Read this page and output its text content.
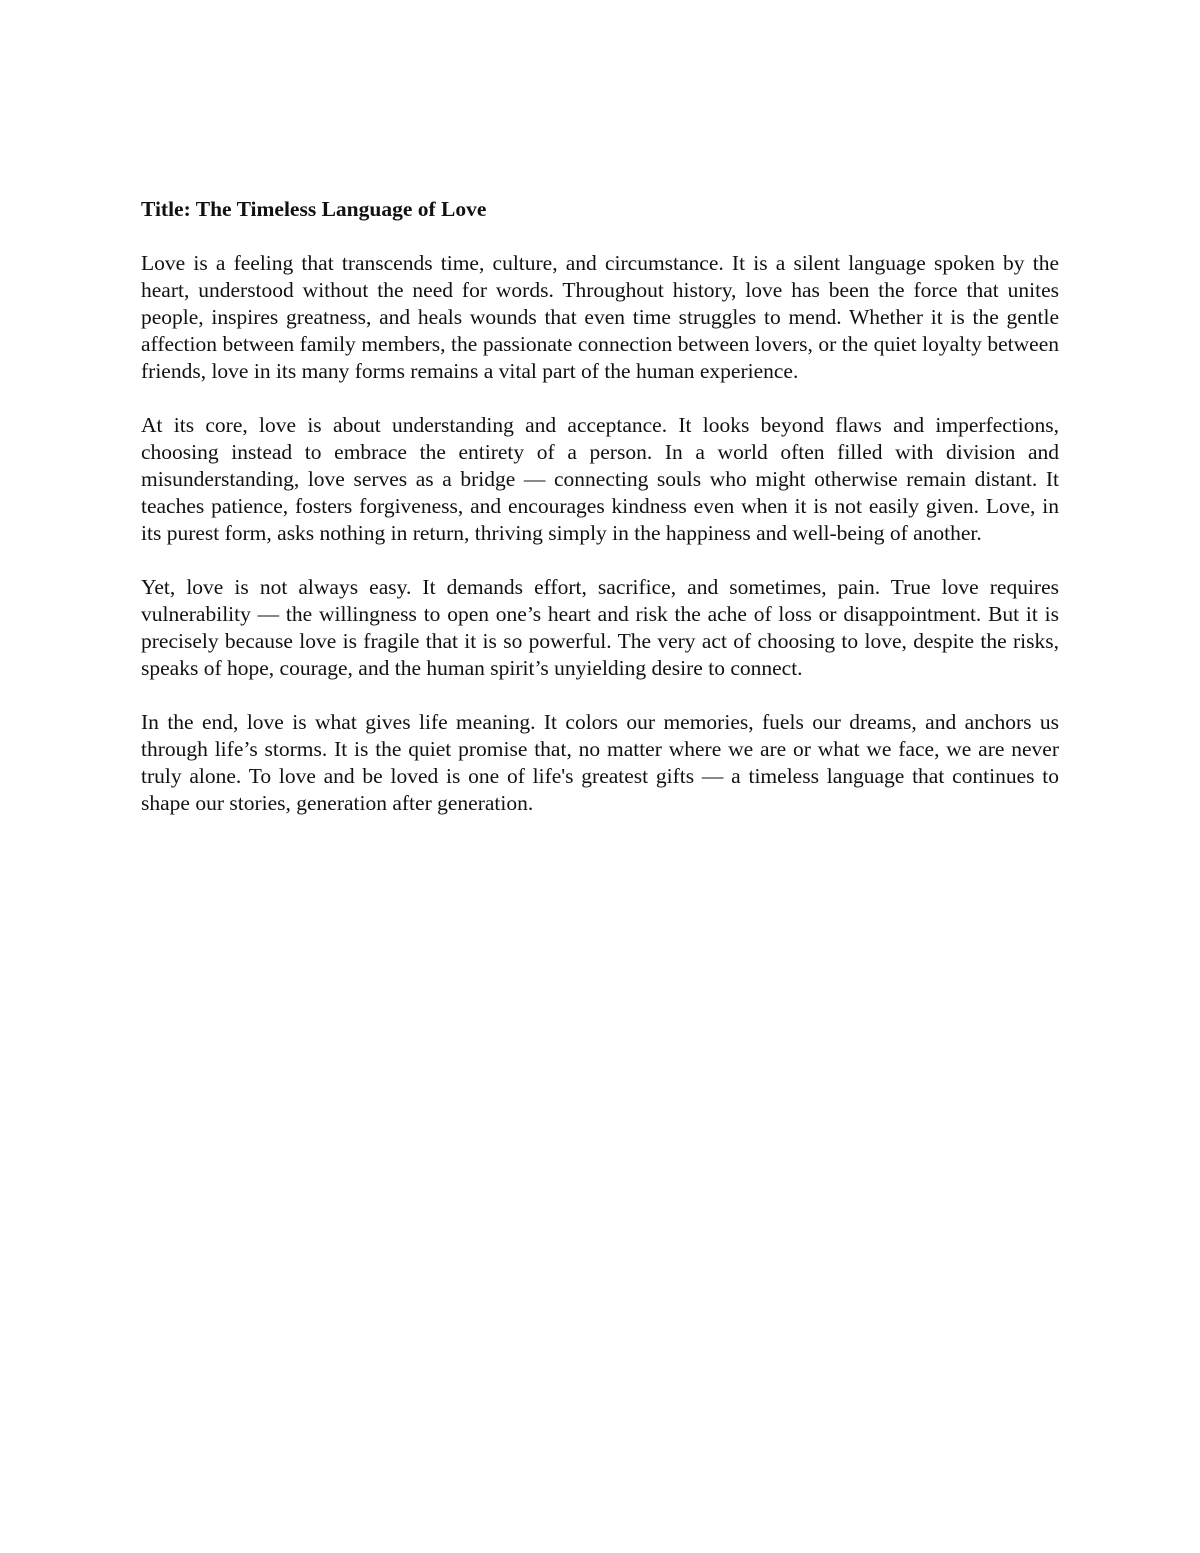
Title: The Timeless Language of Love

Love is a feeling that transcends time, culture, and circumstance. It is a silent language spoken by the heart, understood without the need for words. Throughout history, love has been the force that unites people, inspires greatness, and heals wounds that even time struggles to mend. Whether it is the gentle affection between family members, the passionate connection between lovers, or the quiet loyalty between friends, love in its many forms remains a vital part of the human experience.

At its core, love is about understanding and acceptance. It looks beyond flaws and imperfections, choosing instead to embrace the entirety of a person. In a world often filled with division and misunderstanding, love serves as a bridge — connecting souls who might otherwise remain distant. It teaches patience, fosters forgiveness, and encourages kindness even when it is not easily given. Love, in its purest form, asks nothing in return, thriving simply in the happiness and well-being of another.

Yet, love is not always easy. It demands effort, sacrifice, and sometimes, pain. True love requires vulnerability — the willingness to open one’s heart and risk the ache of loss or disappointment. But it is precisely because love is fragile that it is so powerful. The very act of choosing to love, despite the risks, speaks of hope, courage, and the human spirit’s unyielding desire to connect.

In the end, love is what gives life meaning. It colors our memories, fuels our dreams, and anchors us through life’s storms. It is the quiet promise that, no matter where we are or what we face, we are never truly alone. To love and be loved is one of life's greatest gifts — a timeless language that continues to shape our stories, generation after generation.
